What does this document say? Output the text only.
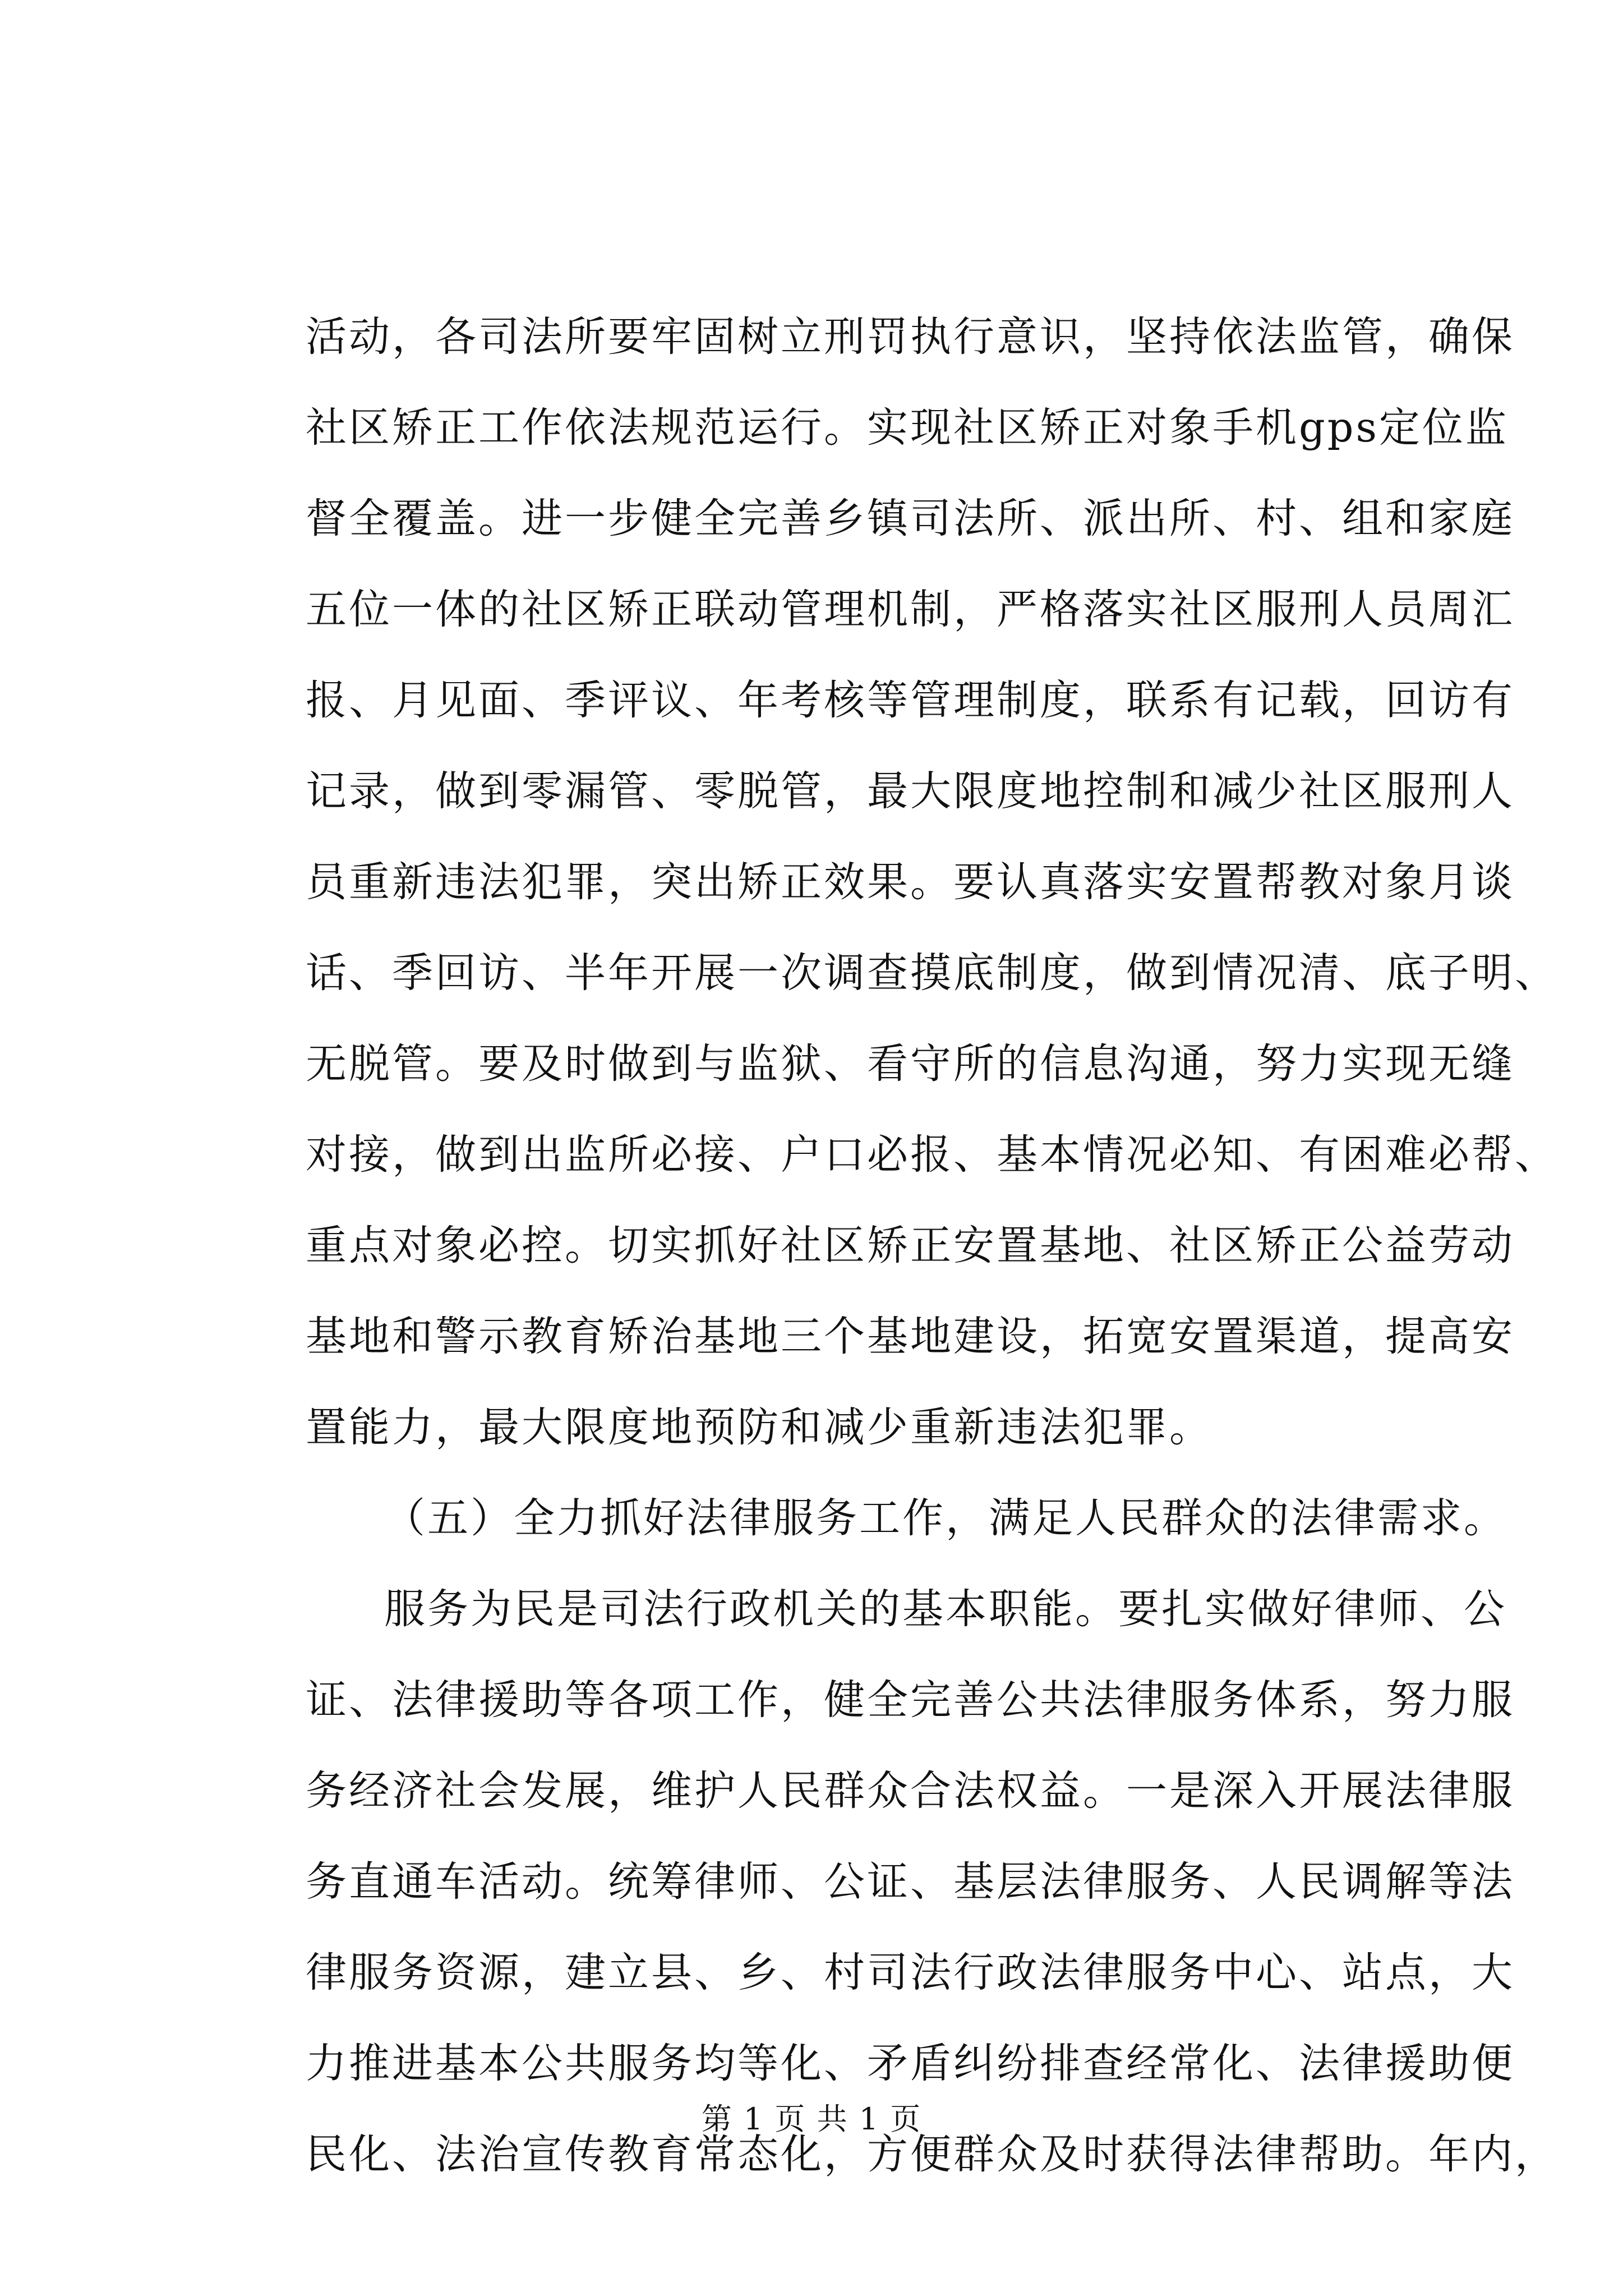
活动，各司法所要牢固树立刑罚执行意识，坚持依法监管，确保
社区矫正工作依法规范运行。实现社区矫正对象手机gps定位监
督全覆盖。进一步健全完善乡镇司法所、派出所、村、组和家庭
五位一体的社区矫正联动管理机制，严格落实社区服刑人员周汇
报、月见面、季评议、年考核等管理制度，联系有记载，回访有
记录，做到零漏管、零脱管，最大限度地控制和减少社区服刑人
员重新违法犯罪，突出矫正效果。要认真落实安置帮教对象月谈
话、季回访、半年开展一次调查摸底制度，做到情况清、底子明、
无脱管。要及时做到与监狱、看守所的信息沟通，努力实现无缝
对接，做到出监所必接、户口必报、基本情况必知、有困难必帮、
重点对象必控。切实抓好社区矫正安置基地、社区矫正公益劳动
基地和警示教育矫治基地三个基地建设，拓宽安置渠道，提高安
置能力，最大限度地预防和减少重新违法犯罪。
（五）全力抓好法律服务工作，满足人民群众的法律需求。
服务为民是司法行政机关的基本职能。要扎实做好律师、公
证、法律援助等各项工作，健全完善公共法律服务体系，努力服
务经济社会发展，维护人民群众合法权益。一是深入开展法律服
务直通车活动。统筹律师、公证、基层法律服务、人民调解等法
律服务资源，建立县、乡、村司法行政法律服务中心、站点，大
力推进基本公共服务均等化、矛盾纠纷排查经常化、法律援助便
民化、法治宣传教育常态化，方便群众及时获得法律帮助。年内，
第 1 页 共 1 页
